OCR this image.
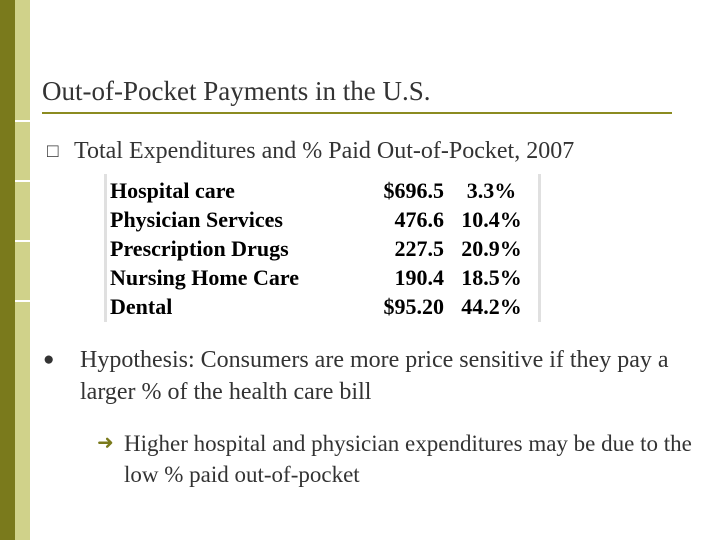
Out-of-Pocket Payments in the U.S.
□ Total Expenditures and % Paid Out-of-Pocket, 2007
Hospital care	$696.5	3.3%
Physician Services	476.6 10.4%
Prescription Drugs	227.5 20.9%
Nursing Home Care	190.4 18.5%
Dental	$95.20 44.2%
● Hypothesis: Consumers are more price sensitive if they pay a larger % of the health care bill
➜ Higher hospital and physician expenditures may be due to the low % paid out-of-pocket
